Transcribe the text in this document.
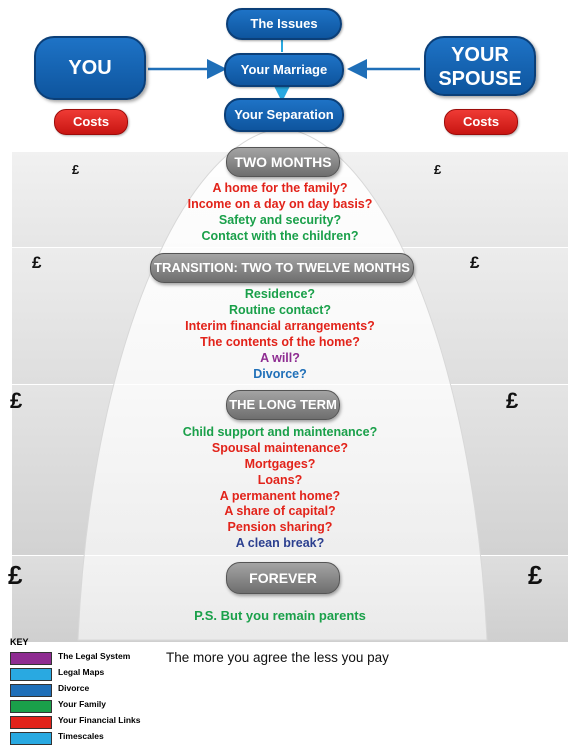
The Issues
Your Marriage
Your Separation
YOU
YOUR
SPOUSE
Costs	Costs
£	£
£	£
£	£
£	£
TWO MONTHS
A home for the family?
Income on a day on day basis?
Safety and security?
Contact with the children?
TRANSITION: TWO TO TWELVE MONTHS
Residence?
Routine contact?
Interim financial arrangements?
The contents of the home?
A will?
Divorce?
THE LONG TERM
Child support and maintenance?
Spousal maintenance?
Mortgages?
Loans?
A permanent home?
A share of capital?
Pension sharing?
A clean break?
FOREVER
P.S. But you remain parents
KEY
The Legal System
Legal Maps
Divorce
Your Family
Your Financial Links
Timescales
The more you agree the less you pay
